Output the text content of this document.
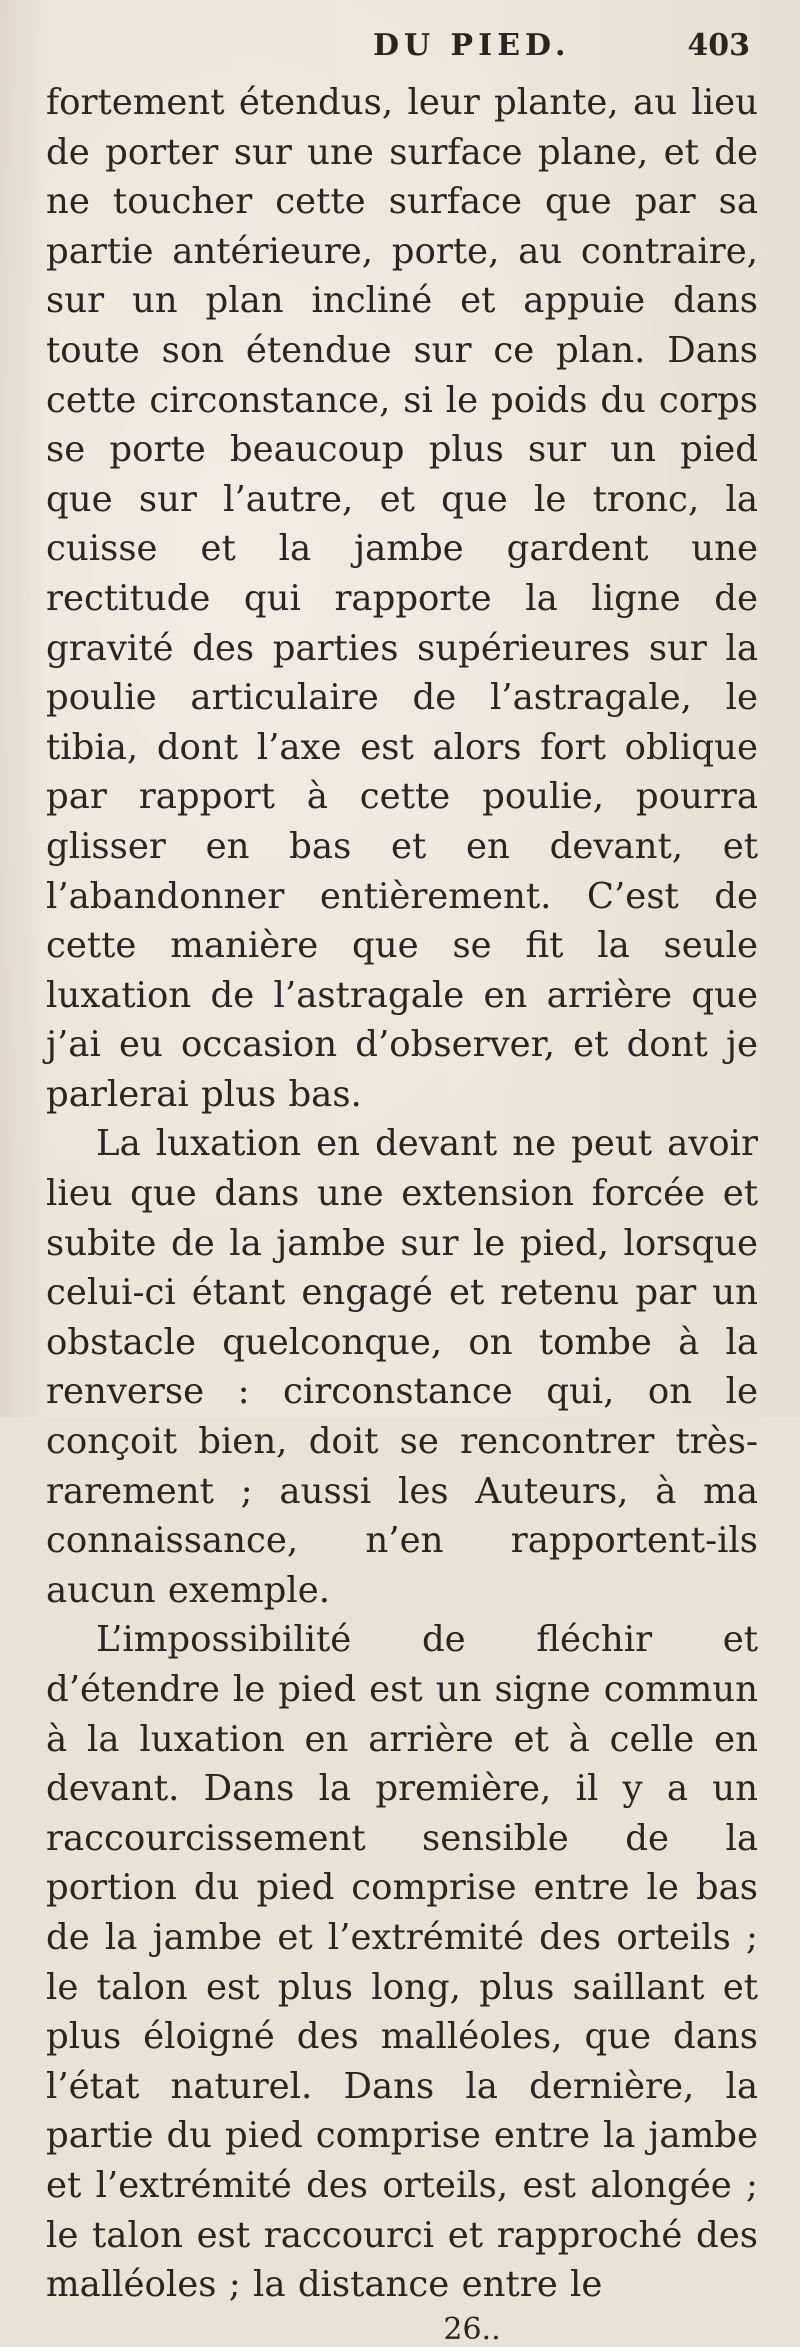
DU PIED.	403

fortement étendus, leur plante, au lieu de porter sur une surface plane, et de ne toucher cette surface que par sa partie antérieure, porte, au contraire, sur un plan incliné et appuie dans toute son étendue sur ce plan. Dans cette circonstance, si le poids du corps se porte beaucoup plus sur un pied que sur l’autre, et que le tronc, la cuisse et la jambe gardent une rectitude qui rapporte la ligne de gravité des parties supérieures sur la poulie articulaire de l’astragale, le tibia, dont l’axe est alors fort oblique par rapport à cette poulie, pourra glisser en bas et en devant, et l’abandonner entièrement. C’est de cette manière que se fit la seule luxation de l’astragale en arrière que j’ai eu occasion d’observer, et dont je parlerai plus bas.

La luxation en devant ne peut avoir lieu que dans une extension forcée et subite de la jambe sur le pied, lorsque celui-ci étant engagé et retenu par un obstacle quelconque, on tombe à la renverse : circonstance qui, on le conçoit bien, doit se rencontrer très-rarement ; aussi les Auteurs, à ma connaissance, n’en rapportent-ils aucun exemple.

L’impossibilité de fléchir et d’étendre le pied est un signe commun à la luxation en arrière et à celle en devant. Dans la première, il y a un raccourcissement sensible de la portion du pied comprise entre le bas de la jambe et l’extrémité des orteils ; le talon est plus long, plus saillant et plus éloigné des malléoles, que dans l’état naturel. Dans la dernière, la partie du pied comprise entre la jambe et l’extrémité des orteils, est alongée ; le talon est raccourci et rapproché des malléoles ; la distance entre le

26..
